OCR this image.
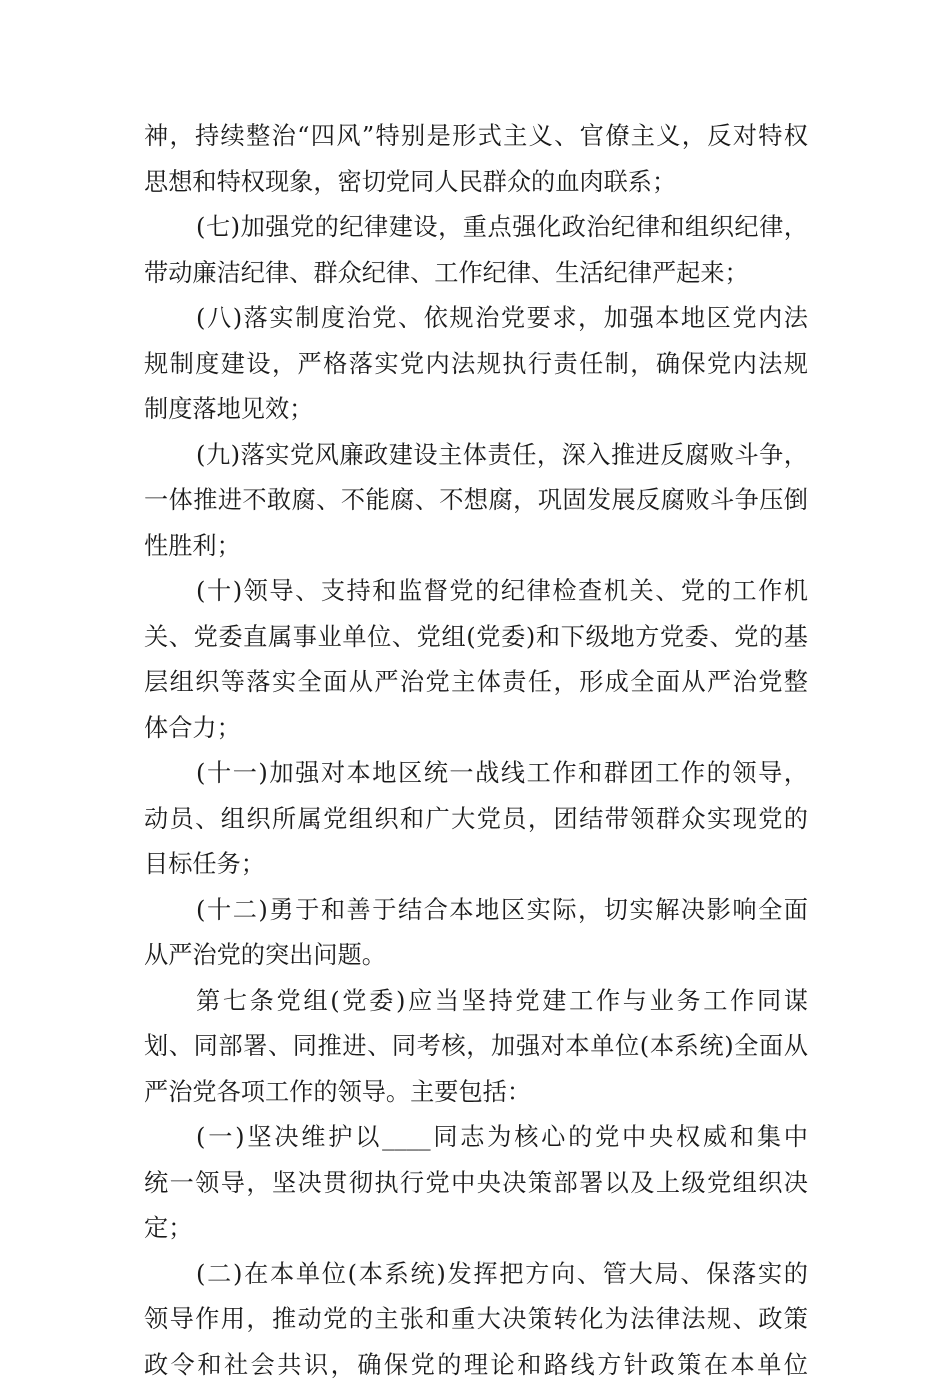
神，持续整治“四风”特别是形式主义、官僚主义，反对特权
思想和特权现象，密切党同人民群众的血肉联系；
(七)加强党的纪律建设，重点强化政治纪律和组织纪律，
带动廉洁纪律、群众纪律、工作纪律、生活纪律严起来；
(八)落实制度治党、依规治党要求，加强本地区党内法
规制度建设，严格落实党内法规执行责任制，确保党内法规
制度落地见效；
(九)落实党风廉政建设主体责任，深入推进反腐败斗争，
一体推进不敢腐、不能腐、不想腐，巩固发展反腐败斗争压倒
性胜利；
(十)领导、支持和监督党的纪律检查机关、党的工作机
关、党委直属事业单位、党组(党委)和下级地方党委、党的基
层组织等落实全面从严治党主体责任，形成全面从严治党整
体合力；
(十一)加强对本地区统一战线工作和群团工作的领导，
动员、组织所属党组织和广大党员，团结带领群众实现党的
目标任务；
(十二)勇于和善于结合本地区实际，切实解决影响全面
从严治党的突出问题。
第七条党组(党委)应当坚持党建工作与业务工作同谋
划、同部署、同推进、同考核，加强对本单位(本系统)全面从
严治党各项工作的领导。主要包括：
(一)坚决维护以____同志为核心的党中央权威和集中
统一领导，坚决贯彻执行党中央决策部署以及上级党组织决
定；
(二)在本单位(本系统)发挥把方向、管大局、保落实的
领导作用，推动党的主张和重大决策转化为法律法规、政策
政令和社会共识，确保党的理论和路线方针政策在本单位
